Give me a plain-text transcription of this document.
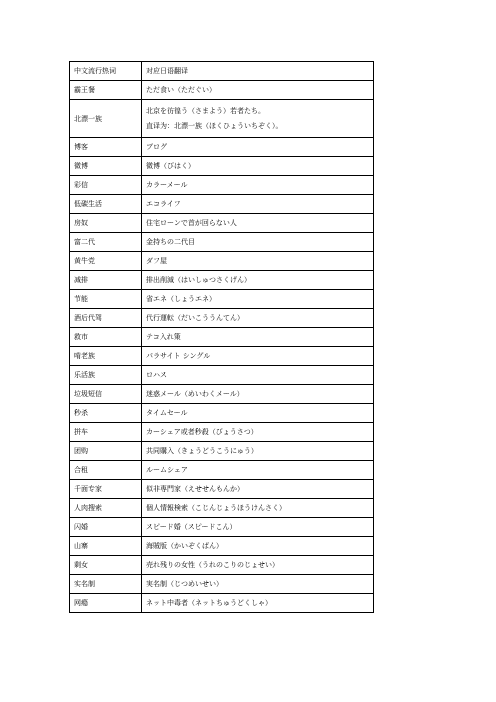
中文流行热词	对应日语翻译
霸王餐	ただ食い（ただぐい）

北漂一族	北京を彷徨う（さまよう）若者たち。
直译为：北漂一族（ほくひょういちぞく）。

博客	ブログ

微博	微博（びはく）

彩信	カラーメール

低碳生活	エコライフ

房奴	住宅ローンで首が回らない人

富二代	金持ちの二代目

黄牛党	ダフ屋

减排	排出削減（はいしゅつさくげん）

节能	省エネ（しょうエネ）

酒后代驾	代行運転（だいこううんてん）

救市	テコ入れ策

啃老族	パラサイト シングル

乐活族	ロハス

垃圾短信	迷惑メール（めいわくメール）

秒杀	タイムセール

拼车	カーシェア或者秒殺（びょうさつ）

团购	共同購入（きょうどうこうにゅう）

合租	ルームシェア

千面专家	似非専門家（えせせんもんか）

人肉搜索	個人情報検索（こじんじょうほうけんさく）

闪婚	スピード婚（スピードこん）

山寨	海賊版（かいぞくばん）

剩女	売れ残りの女性（うれのこりのじょせい）

实名制	実名制（じつめいせい）

网瘾	ネット中毒者（ネットちゅうどくしゃ）
